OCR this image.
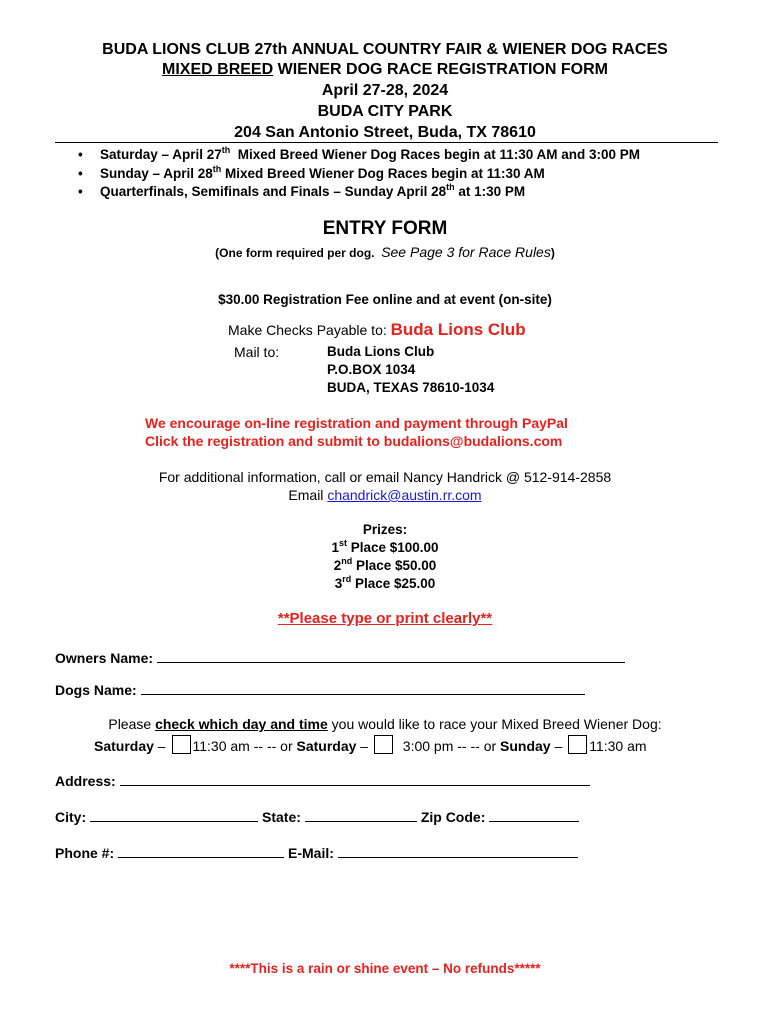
BUDA LIONS CLUB 27th ANNUAL COUNTRY FAIR & WIENER DOG RACES
MIXED BREED WIENER DOG RACE REGISTRATION FORM
April 27-28, 2024
BUDA CITY PARK
204 San Antonio Street, Buda, TX 78610
• Saturday – April 27th  Mixed Breed Wiener Dog Races begin at 11:30 AM and 3:00 PM
• Sunday – April 28th Mixed Breed Wiener Dog Races begin at 11:30 AM
• Quarterfinals, Semifinals and Finals – Sunday April 28th at 1:30 PM
ENTRY FORM
(One form required per dog. See Page 3 for Race Rules)
$30.00 Registration Fee online and at event (on-site)
Make Checks Payable to: Buda Lions Club
Mail to:	Buda Lions Club
P.O.BOX 1034
BUDA, TEXAS 78610-1034
We encourage on-line registration and payment through PayPal
Click the registration and submit to budalions@budalions.com
For additional information, call or email Nancy Handrick @ 512-914-2858
Email chandrick@austin.rr.com
Prizes:
1st Place $100.00
2nd Place $50.00
3rd Place $25.00
**Please type or print clearly**
Owners Name:
Dogs Name:
Please check which day and time you would like to race your Mixed Breed Wiener Dog:
Saturday – 11:30 am -- -- or Saturday –   3:00 pm -- -- or Sunday – 11:30 am
Address:
City:	State:	Zip Code:
Phone #:	E-Mail:
****This is a rain or shine event – No refunds*****
